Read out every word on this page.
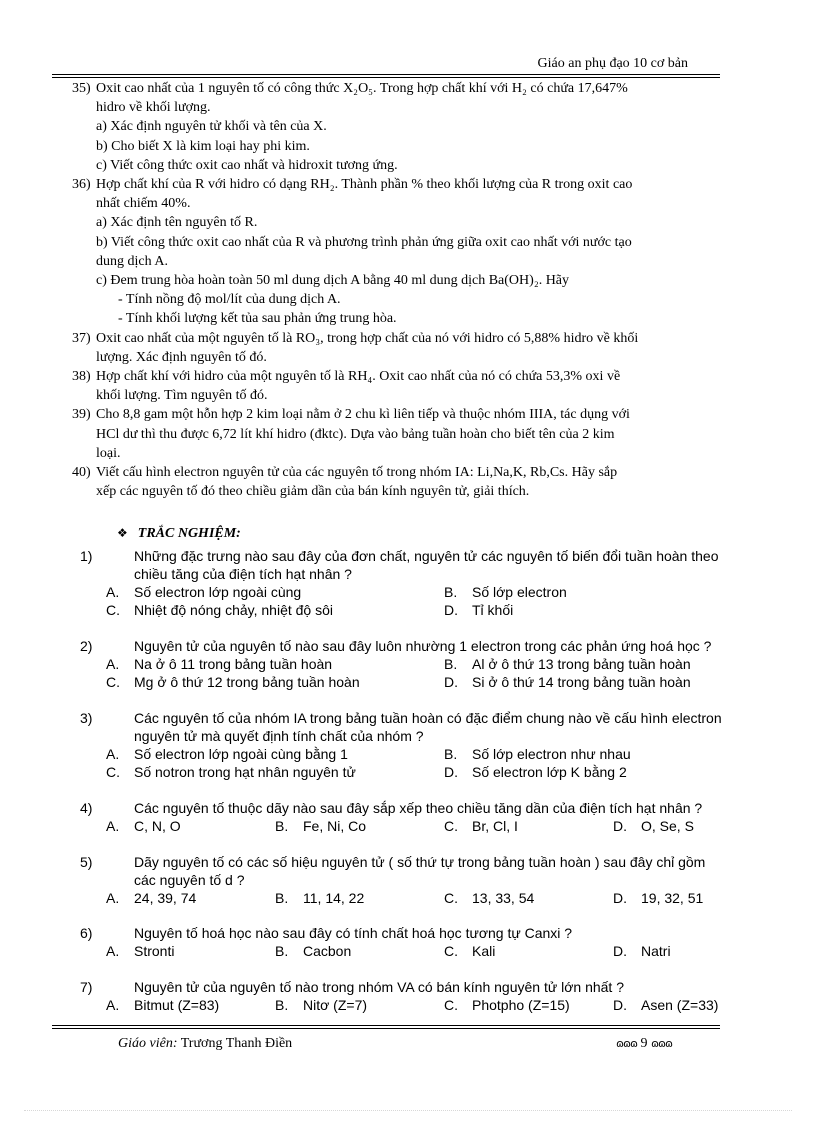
Giáo an phụ đạo 10 cơ bản
35) Oxit cao nhất của 1 nguyên tố có công thức X₂O₅. Trong hợp chất khí với H₂ có chứa 17,647%
hidro về khối lượng.
a) Xác định nguyên tử khối và tên của X.
b) Cho biết X là kim loại hay phi kim.
c) Viết công thức oxit cao nhất và hidroxit tương ứng.
36) Hợp chất khí của R với hidro có dạng RH₂. Thành phần % theo khối lượng của R trong oxit cao
nhất chiếm 40%.
a) Xác định tên nguyên tố R.
b) Viết công thức oxit cao nhất của R và phương trình phản ứng giữa oxit cao nhất với nước tạo
dung dịch A.
c) Đem trung hòa hoàn toàn 50 ml dung dịch A bằng 40 ml dung dịch Ba(OH)₂. Hãy
- Tính nồng độ mol/lít của dung dịch A.
- Tính khối lượng kết tủa sau phản ứng trung hòa.
37) Oxit cao nhất của một nguyên tố là RO₃, trong hợp chất của nó với hidro có 5,88% hidro về khối
lượng. Xác định nguyên tố đó.
38) Hợp chất khí với hidro của một nguyên tố là RH₄. Oxit cao nhất của nó có chứa 53,3% oxi về
khối lượng. Tìm nguyên tố đó.
39) Cho 8,8 gam một hỗn hợp 2 kim loại nằm ở 2 chu kì liên tiếp và thuộc nhóm IIIA, tác dụng với
HCl dư thì thu được 6,72 lít khí hidro (đktc). Dựa vào bảng tuần hoàn cho biết tên của 2 kim
loại.
40) Viết cấu hình electron nguyên tử của các nguyên tố trong nhóm IA: Li,Na,K, Rb,Cs. Hãy sắp
xếp các nguyên tố đó theo chiều giảm dần của bán kính nguyên tử, giải thích.
❖ TRẮC NGHIỆM:
1)	Những đặc trưng nào sau đây của đơn chất, nguyên tử các nguyên tố biến đổi tuần hoàn theo
chiều tăng của điện tích hạt nhân ?
A. Số electron lớp ngoài cùng	B. Số lớp electron
C. Nhiệt độ nóng chảy, nhiệt độ sôi	D. Tỉ khối
2)	Nguyên tử của nguyên tố nào sau đây luôn nhường 1 electron trong các phản ứng hoá học ?
A. Na ở ô 11 trong bảng tuần hoàn	B. Al ở ô thứ 13 trong bảng tuần hoàn
C. Mg ở ô thứ 12 trong bảng tuần hoàn	D. Si ở ô thứ 14 trong bảng tuần hoàn
3)	Các nguyên tố của nhóm IA trong bảng tuần hoàn có đặc điểm chung nào về cấu hình electron
nguyên tử mà quyết định tính chất của nhóm ?
A. Số electron lớp ngoài cùng bằng 1	B. Số lớp electron như nhau
C. Số notron trong hạt nhân nguyên tử	D. Số electron lớp K bằng 2
4)	Các nguyên tố thuộc dãy nào sau đây sắp xếp theo chiều tăng dần của điện tích hạt nhân ?
A. C, N, O	B. Fe, Ni, Co	C. Br, Cl, I	D. O, Se, S
5)	Dãy nguyên tố có các số hiệu nguyên tử ( số thứ tự trong bảng tuần hoàn ) sau đây chỉ gồm
các nguyên tố d ?
A. 24, 39, 74	B. 11, 14, 22	C. 13, 33, 54	D. 19, 32, 51
6)	Nguyên tố hoá học nào sau đây có tính chất hoá học tương tự Canxi ?
A. Stronti	B. Cacbon	C. Kali	D. Natri
7)	Nguyên tử của nguyên tố nào trong nhóm VA có bán kính nguyên tử lớn nhất ?
A. Bitmut (Z=83)	B. Nitơ (Z=7)	C. Photpho (Z=15)	D. Asen (Z=33)
Giáo viên: Trương Thanh Điền	ɷɷɷ 9 ɷɷɷ
